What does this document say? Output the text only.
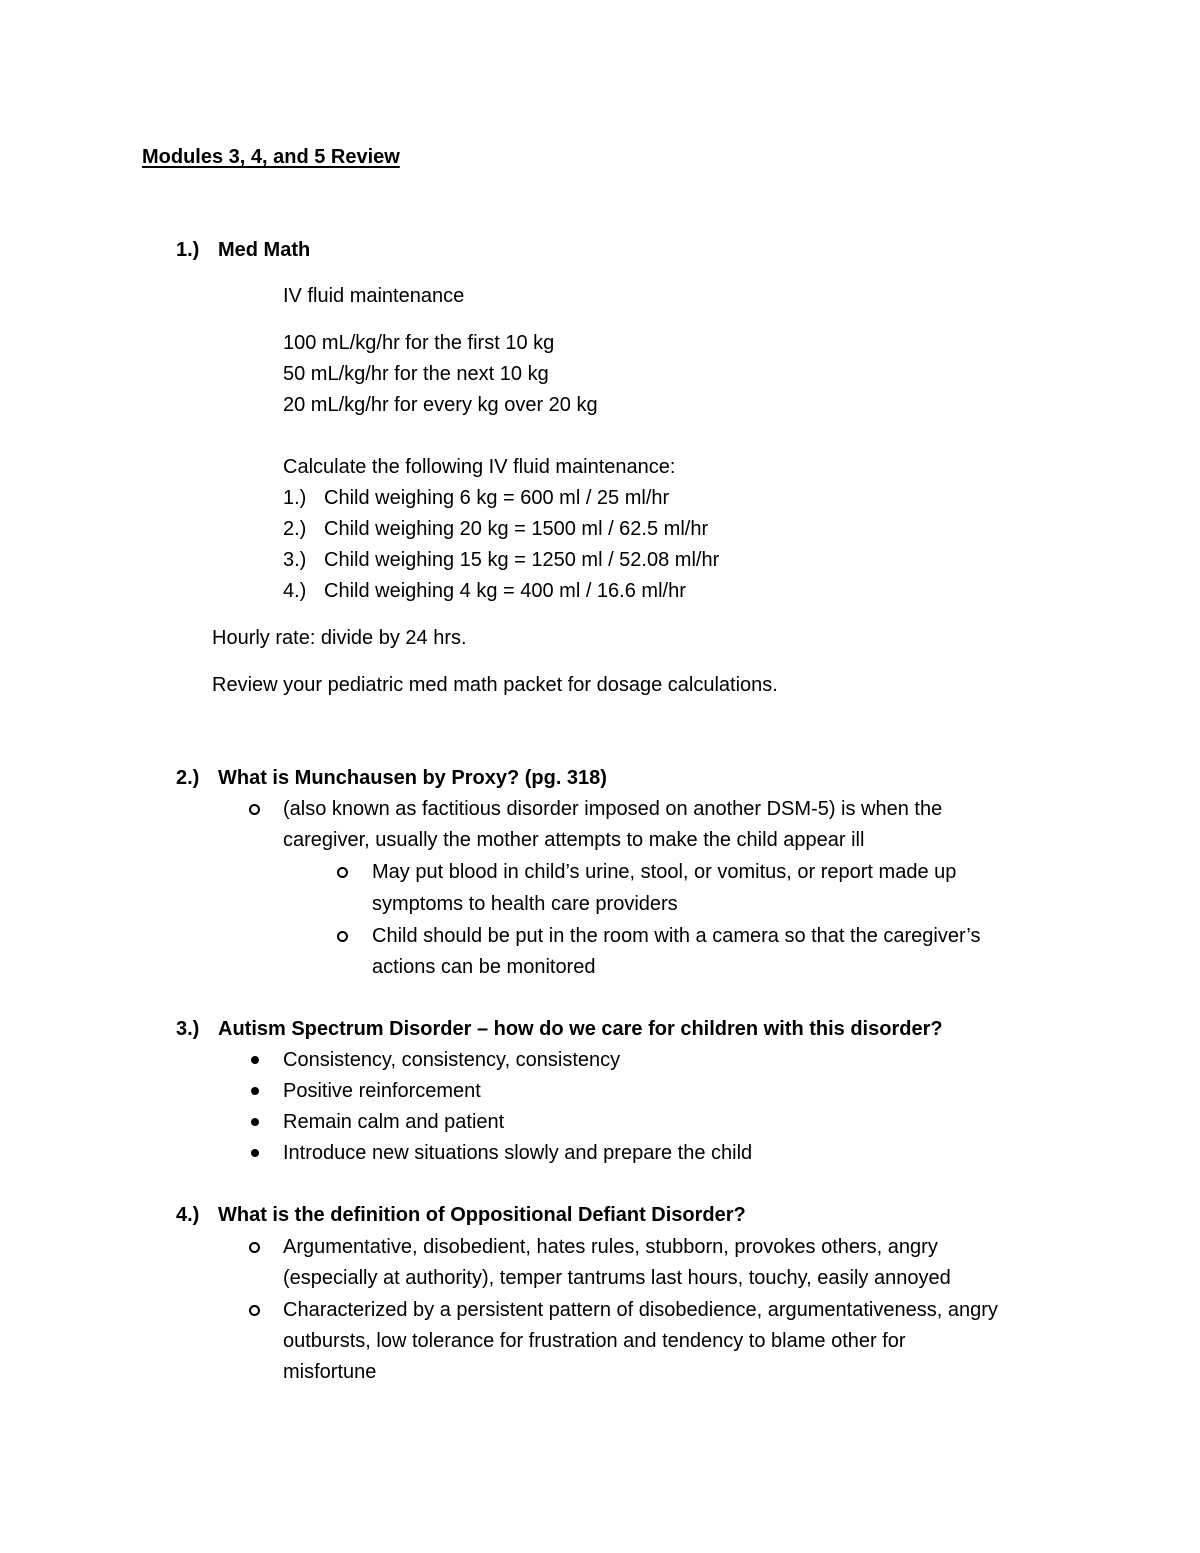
Modules 3, 4, and 5 Review
1.) Med Math
IV fluid maintenance
100 mL/kg/hr for the first 10 kg
50 mL/kg/hr for the next 10 kg
20 mL/kg/hr for every kg over 20 kg
Calculate the following IV fluid maintenance:
1.) Child weighing 6 kg = 600 ml / 25 ml/hr
2.) Child weighing 20 kg = 1500 ml / 62.5 ml/hr
3.) Child weighing 15 kg = 1250 ml / 52.08 ml/hr
4.) Child weighing 4 kg = 400 ml / 16.6 ml/hr
Hourly rate: divide by 24 hrs.
Review your pediatric med math packet for dosage calculations.
2.) What is Munchausen by Proxy? (pg. 318)
(also known as factitious disorder imposed on another DSM-5) is when the
caregiver, usually the mother attempts to make the child appear ill
May put blood in child’s urine, stool, or vomitus, or report made up
symptoms to health care providers
Child should be put in the room with a camera so that the caregiver’s
actions can be monitored
3.) Autism Spectrum Disorder – how do we care for children with this disorder?
Consistency, consistency, consistency
Positive reinforcement
Remain calm and patient
Introduce new situations slowly and prepare the child
4.) What is the definition of Oppositional Defiant Disorder?
Argumentative, disobedient, hates rules, stubborn, provokes others, angry
(especially at authority), temper tantrums last hours, touchy, easily annoyed
Characterized by a persistent pattern of disobedience, argumentativeness, angry
outbursts, low tolerance for frustration and tendency to blame other for
misfortune
